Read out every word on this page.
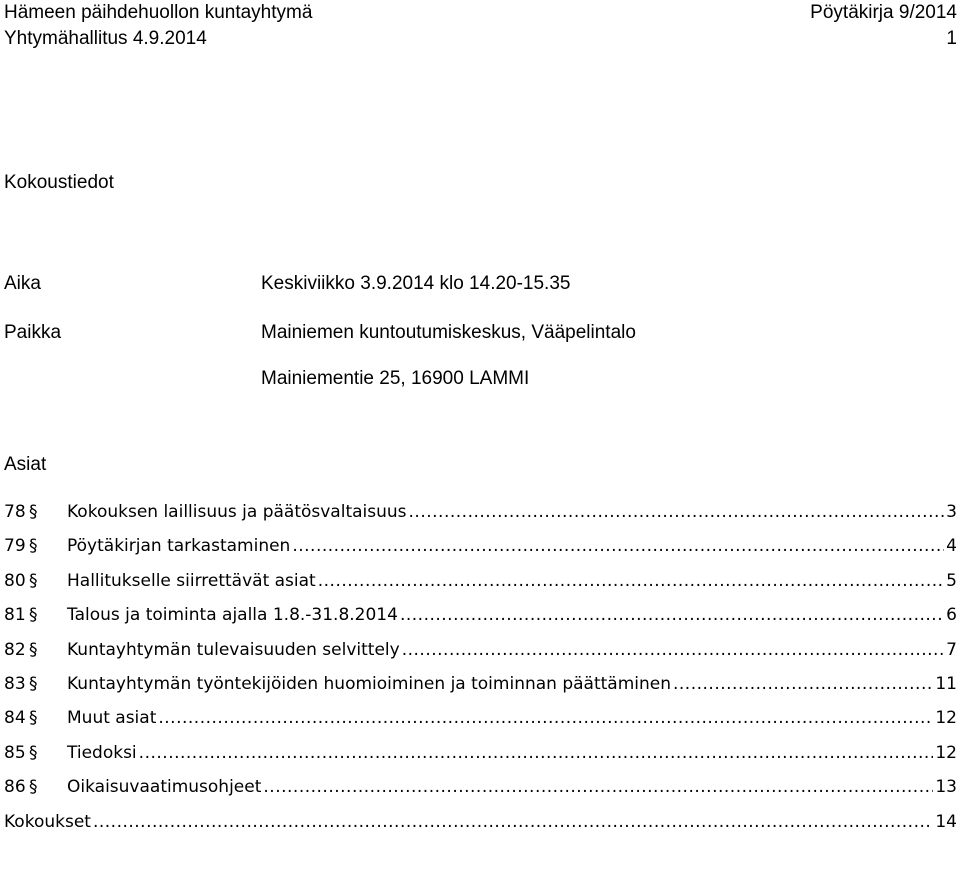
Hämeen päihdehuollon kuntayhtymä	Pöytäkirja 9/2014
Yhtymähallitus 4.9.2014	1
Kokoustiedot
Aika	Keskiviikko 3.9.2014 klo 14.20-15.35
Paikka	Mainiemen kuntoutumiskeskus, Vääpelintalo
Mainiementie 25, 16900 LAMMI
Asiat
78 §	Kokouksen laillisuus ja päätösvaltaisuus .....	3
79 §	Pöytäkirjan tarkastaminen .....	4
80 §	Hallitukselle siirrettävät asiat .....	5
81 §	Talous ja toiminta ajalla 1.8.-31.8.2014 .....	6
82 §	Kuntayhtymän tulevaisuuden selvittely .....	7
83 §	Kuntayhtymän työntekijöiden huomioiminen ja toiminnan päättäminen .....	11
84 §	Muut asiat .....	12
85 §	Tiedoksi .....	12
86 §	Oikaisuvaatimusohjeet .....	13
Kokoukset .....	14
